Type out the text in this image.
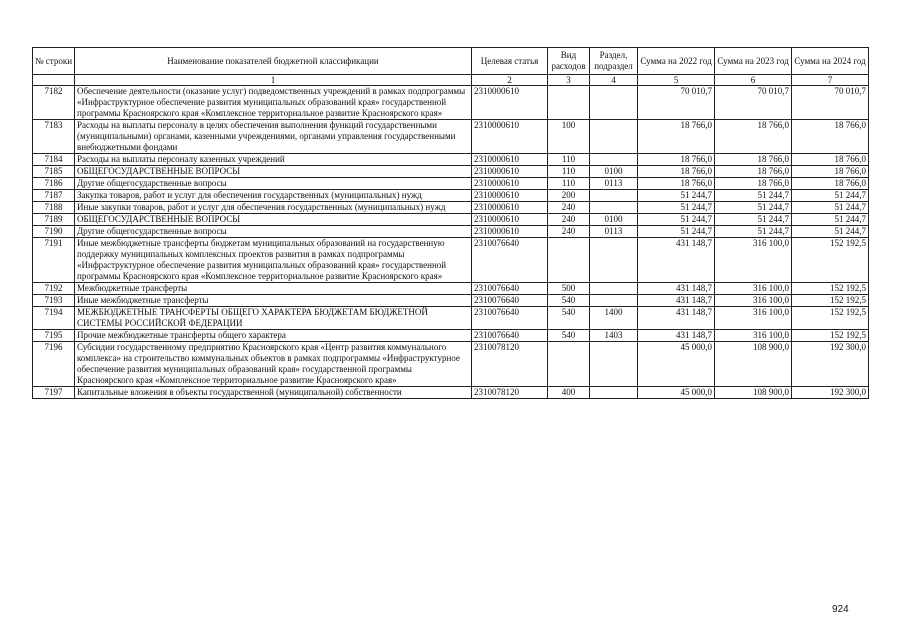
№ строки	Наименование показателей бюджетной классификации	Целевая статья	Вид расходов	Раздел, подраздел	Сумма на 2022 год	Сумма на 2023 год	Сумма на 2024 год
	1	2	3	4	5	6	7
7182	Обеспечение деятельности (оказание услуг) подведомственных учреждений в рамках подпрограммы «Инфраструктурное обеспечение развития муниципальных образований края» государственной программы Красноярского края «Комплексное территориальное развитие Красноярского края»	2310000610			70 010,7	70 010,7	70 010,7
7183	Расходы на выплаты персоналу в целях обеспечения выполнения функций государственными (муниципальными) органами, казенными учреждениями, органами управления государственными внебюджетными фондами	2310000610	100		18 766,0	18 766,0	18 766,0
7184	Расходы на выплаты персоналу казенных учреждений	2310000610	110		18 766,0	18 766,0	18 766,0
7185	ОБЩЕГОСУДАРСТВЕННЫЕ ВОПРОСЫ	2310000610	110	0100	18 766,0	18 766,0	18 766,0
7186	Другие общегосударственные вопросы	2310000610	110	0113	18 766,0	18 766,0	18 766,0
7187	Закупка товаров, работ и услуг для обеспечения государственных (муниципальных) нужд	2310000610	200		51 244,7	51 244,7	51 244,7
7188	Иные закупки товаров, работ и услуг для обеспечения государственных (муниципальных) нужд	2310000610	240		51 244,7	51 244,7	51 244,7
7189	ОБЩЕГОСУДАРСТВЕННЫЕ ВОПРОСЫ	2310000610	240	0100	51 244,7	51 244,7	51 244,7
7190	Другие общегосударственные вопросы	2310000610	240	0113	51 244,7	51 244,7	51 244,7
7191	Иные межбюджетные трансферты бюджетам муниципальных образований на государственную поддержку муниципальных комплексных проектов развития в рамках подпрограммы «Инфраструктурное обеспечение развития муниципальных образований края» государственной программы Красноярского края «Комплексное территориальное развитие Красноярского края»	2310076640			431 148,7	316 100,0	152 192,5
7192	Межбюджетные трансферты	2310076640	500		431 148,7	316 100,0	152 192,5
7193	Иные межбюджетные трансферты	2310076640	540		431 148,7	316 100,0	152 192,5
7194	МЕЖБЮДЖЕТНЫЕ ТРАНСФЕРТЫ ОБЩЕГО ХАРАКТЕРА БЮДЖЕТАМ БЮДЖЕТНОЙ СИСТЕМЫ РОССИЙСКОЙ ФЕДЕРАЦИИ	2310076640	540	1400	431 148,7	316 100,0	152 192,5
7195	Прочие межбюджетные трансферты общего характера	2310076640	540	1403	431 148,7	316 100,0	152 192,5
7196	Субсидии государственному предприятию Красноярского края «Центр развития коммунального комплекса» на строительство коммунальных объектов в рамках подпрограммы «Инфраструктурное обеспечение развития муниципальных образований края» государственной программы Красноярского края «Комплексное территориальное развитие Красноярского края»	2310078120			45 000,0	108 900,0	192 300,0
7197	Капитальные вложения в объекты государственной (муниципальной) собственности	2310078120	400		45 000,0	108 900,0	192 300,0
924
